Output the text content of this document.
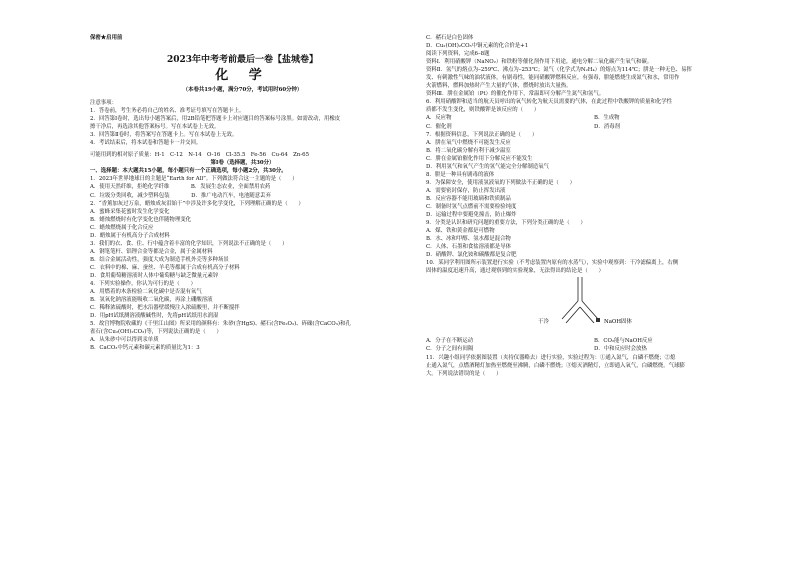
保密★启用前
2023年中考考前最后一卷【盐城卷】
化 学
（本卷共19小题，满分70分，考试用时60分钟）
注意事项：
1．答卷前，考生务必将自己的姓名、准考证号填写在答题卡上。
2．回答第Ⅰ卷时，选出每小题答案后，用2B铅笔把答题卡上对应题目的答案标号涂黑。如需改动，用橡皮
擦干净后，再选涂其他答案标号。写在本试卷上无效。
3．回答第Ⅱ卷时，将答案写在答题卡上。写在本试卷上无效。
4．考试结束后，将本试卷和答题卡一并交回。
可能用到的相对原子质量：H-1　C-12　N-14　O-16　Cl-35.5　Fe-56　Cu-64　Zn-65
第Ⅰ卷（选择题，共30分）
一、选择题：本大题共15小题，每小题只有一个正确选项，每小题2分，共30分。
1．2023年世界地球日的主题是“Earth for All”。下列做法符合这一主题的是（　　）
A．使用天然纤维，拒绝化学纤维　　　　B．发展生态农业，全面禁用农药
C．垃圾分类回收，减少塑料包装　　　　D．推广电动汽车，电池随意丢弃
2．“香薰加灰过万泉，蜡烛成灰泪始干”中涉及许多化学变化，下列理解正确的是（　　）
A．蜜蜂采集花蜜时发生化学变化
B．蜡烛燃烧时有化学变化也伴随物理变化
C．蜡烛燃烧属于化合反应
D．蜡烛属于有机高分子合成材料
3．我们的衣、食、住、行中蕴含着丰富的化学知识，下列说法不正确的是（　　）
A．钢笔笔杆、铝锂合金等都是合金，属于金属材料
B．结合金属活动性，强度大成为制造手机外壳等多种场景
C．衣料中的棉、麻、蚕丝、羊毛等都属于合成有机高分子材料
D．食用葡萄糖溶液时人体中葡萄糖与缺乏微量元素锌
4．下列实验操作，你认为可行的是（　　）
A．用燃着的木条检验二氧化碳中是否混有氧气
B．氢氧化钠溶液能吸收二氧化碳，再涂上硼酸溶液
C．稀释浓硫酸时，把水沿器壁缓慢注入浓硫酸里，并不断搅拌
D．用pH试纸测溶液酸碱性时，先将pH试纸用水润湿
5．故宫博物院收藏的《千里江山图》所采用的颜料有：朱砂(含HgS)、赭石(含Fe₂O₃)、砗磲(含CaCO₃)和孔
雀石(含Cu₂(OH)₂CO₃)等，下列说法正确的是（　　）
A．从朱砂中可以得到汞单质
B．CaCO₃中钙元素和碳元素的质量比为1：3
C．赭石是白色固体
D．Cu₂(OH)₂CO₃中铜元素的化合价是+1
阅读下列资料，完成6–8题
资料Ⅰ．利用硝酸钾（NaNO₂）和铁粉等催化剂作用下用途，通电分解二氧化碳产生氧气和碳。
资料Ⅱ．氢气的熔点为–259℃、沸点为–253℃；氮气（化学式为N₂H₄）的熔点为114℃；肼是一种无色、易挥
发、有刺激性气味的油状液体，有剧毒性，能同硝酸钾燃料反应，有强毒，肼能燃烧生成氮气和水，常用作
火箭燃料，燃料加热时产生大量的气体，燃烧时放出大量热。
资料Ⅲ．肼在金属铂（Pt）的催化作用下，常温即可分解产生氮气和氢气。
6．利用硝酸钾和适当的航天员呼出的氧气转化为航天员需要的气体，在此过程中铁酸钾的质量和化学性
质都不发生变化，则铁酸钾是该反应的（　　）
A．反应物	B．生成物
C．催化剂	D．消毒剂
7．根据资料信息，下列说法正确的是（　　）
A．肼在氧气中燃烧不可能发生反应
B．将二氧化碳分解有利于减少温室
C．肼在金属铂催化作用下分解反应不能发生
D．利用氢气和氧气产生的氢气能完全分解制造氧气
8．肼是一种具有剧毒的液体
9．为保障安全，使用液氢液氧的下列做法不正确的是（　　）
A．需要密封保存，防止挥发出液
B．反应容器不能用玻璃和铁质制品
C．制备时氢气点燃前不需要检验纯度
D．运输过程中要避免撞击，防止爆炸
9．分类是认识和研究问题的重要方法，下列分类正确的是（　　）
A．煤、铁和黄金都是可燃物
B．水、冰和甲醇、氢水都是混合物
C．人体、石墨和食盐溶液都是导体
D．硝酸钾、氯化铵和碳酸都是复合肥
10．某同学利用图所示装置进行实验（不考虑装置内原有的水蒸气），实验中观察到：干冷滤偏离上，右侧
固体的温度迅速升高，通过观察到的实验现象，无法得出的结论是（　　）
干冷	NaOH固体
A．分子在不断运动	B．CO₂能与NaOH反应
C．分子之间有间隔	D．中和反应时会放热
11．兴趣小组同学依据图装置（夹持仪器略去）进行实验，实验过程为：①通入氮气，白磷不燃烧；②熄
止通入氮气，点燃酒精灯加热至燃烧至沸腾，白磷不燃烧；③熄灭酒精灯，立即通入氧气，白磷燃烧。气球膨
大。下列说法错误的是（　　）
